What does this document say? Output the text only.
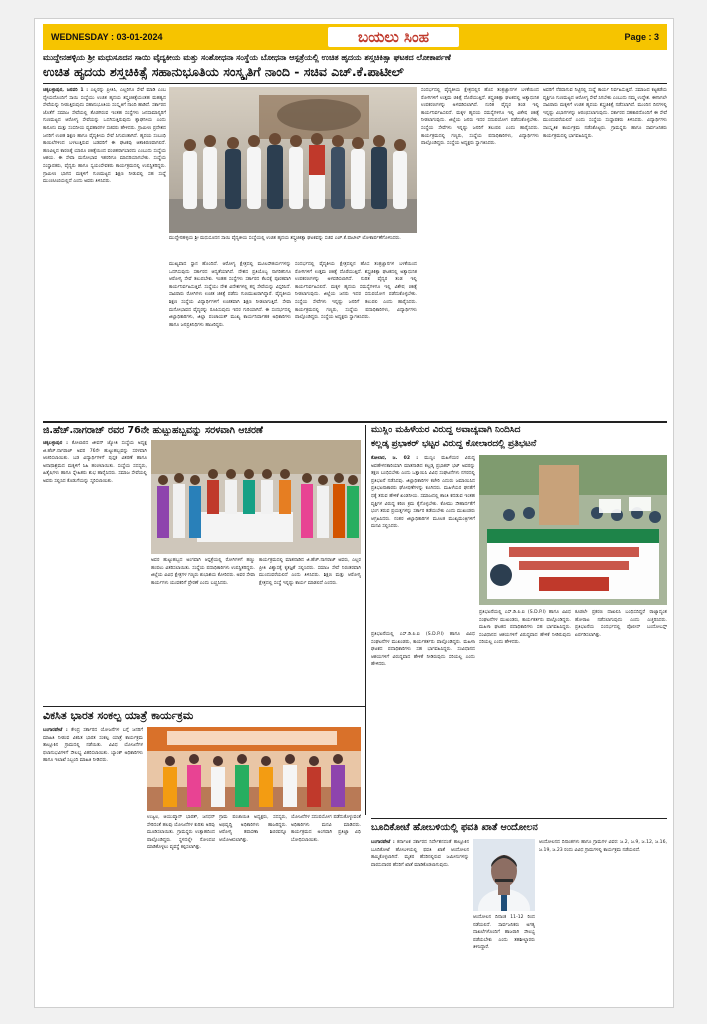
WEDNESDAY : 03-01-2024	ಬಯಲು ಸಿಂಹ	Page : 3
ಮುದ್ದೇನಹಳ್ಳಿಯ ಶ್ರೀ ಮಧುಸೂದನ ಸಾಯಿ ವೈದ್ಯಕೀಯ ಮತ್ತು ಸಂಶೋಧನಾ ಸಂಸ್ಥೆಯ ಬೋಧನಾ ಆಸ್ಪತ್ರೆಯಲ್ಲಿ ಉಚಿತ ಹೃದಯ ಶಸ್ತ್ರಚಿಕಿತ್ಸಾ ಘಟಕದ ಲೋಕಾರ್ಪಣೆ
ಉಚಿತ ಹೃದಯ ಶಸ್ತ್ರಚಿಕಿತ್ಸೆ ಸಹಾನುಭೂತಿಯ ಸಂಸ್ಕೃತಿಗೆ ನಾಂದಿ - ಸಚಿವ ಎಚ್.ಕೆ.ಪಾಟೀಲ್
ಚಿಕ್ಕಬಳ್ಳಾಪುರ, ಜನವರಿ 1 : ಎಲ್ಲರನ್ನು ಪ್ರೀತಿಸಿ, ಎಲ್ಲರಿಗೂ ಸೇವೆ ಮಾಡಿ ಎಂಬ ಧ್ಯೇಯದೊಂದಿಗೆ ಸಾಯಿ ಸಂಸ್ಥೆಯು ಉಚಿತ ಹೃದಯ ಶಸ್ತ್ರಚಿಕಿತ್ಸೆಯಂತಹ ಮಹತ್ವದ ಸೇವೆಯನ್ನು ನೀಡುತ್ತಿರುವುದು ಸಹಾನುಭೂತಿಯ ಸಂಸ್ಕೃತಿಗೆ ನಾಂದಿ ಹಾಡಿದೆ. ಸರ್ಕಾರದ ಜೊತೆಗೆ ಸಮಾಜ ಸೇವೆಯಲ್ಲಿ ತೊಡಗಿರುವ ಇಂತಹ ಸಂಸ್ಥೆಗಳು ಜನಸಾಮಾನ್ಯರಿಗೆ ಗುಣಮಟ್ಟದ ಆರೋಗ್ಯ ಸೇವೆಯನ್ನು ಒದಗಿಸುತ್ತಿರುವುದು ಶ್ಲಾಘನೀಯ ಎಂದು ಕಾನೂನು ಮತ್ತು ಸಂಸದೀಯ ವ್ಯವಹಾರಗಳ ಸಚಿವರು ಹೇಳಿದರು. ಗ್ರಾಮೀಣ ಪ್ರದೇಶದ ಜನರಿಗೆ ಉಚಿತ ಶಿಕ್ಷಣ ಹಾಗೂ ವೈದ್ಯಕೀಯ ಸೇವೆ ಸಿಗುವಂತಾಗಿದೆ. ಹೃದಯ ಸಂಬಂಧಿ ಕಾಯಿಲೆಗಳಿಂದ ಬಳಲುತ್ತಿರುವ ಬಡವರಿಗೆ ಈ ಘಟಕವು ಆಶಾಕಿರಣವಾಗಲಿದೆ. ಹಣವಿಲ್ಲದ ಕಾರಣಕ್ಕೆ ಯಾರೂ ಚಿಕಿತ್ಸೆಯಿಂದ ವಂಚಿತರಾಗಬಾರದು ಎಂಬುದು ಸಂಸ್ಥೆಯ ಆಶಯ. ಈ ಸೇವಾ ಮನೋಭಾವ ಇತರರಿಗೂ ಮಾದರಿಯಾಗಬೇಕು. ಸಂಸ್ಥೆಯ ಸಂಸ್ಥಾಪಕರು, ವೈದ್ಯರು ಹಾಗೂ ಸ್ವಯಂಸೇವಕರು ಕಾರ್ಯಕ್ರಮದಲ್ಲಿ ಉಪಸ್ಥಿತರಿದ್ದರು. ಗ್ರಾಮೀಣ ಭಾಗದ ಮಕ್ಕಳಿಗೆ ಗುಣಮಟ್ಟದ ಶಿಕ್ಷಣ ನೀಡುವಲ್ಲಿ ಸಹ ಸಂಸ್ಥೆ ಮುಂಚೂಣಿಯಲ್ಲಿದೆ ಎಂದು ಅವರು ತಿಳಿಸಿದರು.
ಮುದ್ದೇನಹಳ್ಳಿಯ ಶ್ರೀ ಮಧುಸೂದನ ಸಾಯಿ ವೈದ್ಯಕೀಯ ಸಂಸ್ಥೆಯಲ್ಲಿ ಉಚಿತ ಹೃದಯ ಶಸ್ತ್ರಚಿಕಿತ್ಸಾ ಘಟಕವನ್ನು ಸಚಿವ ಎಚ್.ಕೆ.ಪಾಟೀಲ್ ಲೋಕಾರ್ಪಣೆಗೊಳಿಸಿದರು.
ಮುಖ್ಯವಾದ ಸ್ಥಾನ ಹೊಂದಿದೆ. ಆರೋಗ್ಯ ಕ್ಷೇತ್ರದಲ್ಲಿ ಮೂಲಸೌಕರ್ಯಗಳನ್ನು ಒದಗಿಸುವುದು ಸರ್ಕಾರದ ಆದ್ಯತೆಯಾಗಿದೆ. ದೇಶದ ಪ್ರತಿಯೊಬ್ಬ ನಾಗರಿಕನಿಗೂ ಆರೋಗ್ಯ ಸೇವೆ ತಲುಪಬೇಕು. ಇಂತಹ ಸಂಸ್ಥೆಗಳು ಸರ್ಕಾರದ ಕೆಲಸಕ್ಕೆ ಪೂರಕವಾಗಿ ಕಾರ್ಯನಿರ್ವಹಿಸುತ್ತಿವೆ. ಸಂಸ್ಥೆಯು ದೇಶ ವಿದೇಶಗಳಲ್ಲಿ ತನ್ನ ಸೇವೆಯನ್ನು ವಿಸ್ತರಿಸಿದೆ. ಸಾವಿರಾರು ರೋಗಿಗಳು ಉಚಿತ ಚಿಕಿತ್ಸೆ ಪಡೆದು ಗುಣಮುಖರಾಗಿದ್ದಾರೆ. ವೈದ್ಯಕೀಯ ಶಿಕ್ಷಣ ಸಂಸ್ಥೆಯ ವಿದ್ಯಾರ್ಥಿಗಳಿಗೆ ಉಚಿತವಾಗಿ ಶಿಕ್ಷಣ ನೀಡಲಾಗುತ್ತಿದೆ. ಸೇವಾ ಮನೋಭಾವದ ವೈದ್ಯರನ್ನು ರೂಪಿಸುವುದು ಇದರ ಗುರಿಯಾಗಿದೆ. ಈ ಸಂದರ್ಭದಲ್ಲಿ ಜಿಲ್ಲಾಧಿಕಾರಿಗಳು, ಜಿಲ್ಲಾ ಪಂಚಾಯತ್ ಮುಖ್ಯ ಕಾರ್ಯನಿರ್ವಾಹಕ ಅಧಿಕಾರಿಗಳು ಹಾಗೂ ಜನಪ್ರತಿನಿಧಿಗಳು ಹಾಜರಿದ್ದರು.
ಸಂದರ್ಭದಲ್ಲಿ ವೈದ್ಯಕೀಯ ಕ್ಷೇತ್ರದಲ್ಲಿನ ಹೊಸ ತಂತ್ರಜ್ಞಾನಗಳ ಬಳಕೆಯಿಂದ ರೋಗಿಗಳಿಗೆ ಉತ್ತಮ ಚಿಕಿತ್ಸೆ ದೊರೆಯುತ್ತಿದೆ. ಶಸ್ತ್ರಚಿಕಿತ್ಸಾ ಘಟಕದಲ್ಲಿ ಅತ್ಯಾಧುನಿಕ ಉಪಕರಣಗಳನ್ನು ಅಳವಡಿಸಲಾಗಿದೆ. ನುರಿತ ವೈದ್ಯರ ತಂಡ ಇಲ್ಲಿ ಕಾರ್ಯನಿರ್ವಹಿಸಲಿದೆ. ಮಕ್ಕಳ ಹೃದಯ ಸಮಸ್ಯೆಗಳಿಗೂ ಇಲ್ಲಿ ವಿಶೇಷ ಚಿಕಿತ್ಸೆ ನೀಡಲಾಗುವುದು. ಜಿಲ್ಲೆಯ ಜನರು ಇದರ ಸದುಪಯೋಗ ಪಡೆದುಕೊಳ್ಳಬೇಕು. ಸಂಸ್ಥೆಯ ಸೇವೆಗಳು ಇನ್ನಷ್ಟು ಜನರಿಗೆ ತಲುಪಲಿ ಎಂದು ಹಾರೈಸಿದರು. ಕಾರ್ಯಕ್ರಮದಲ್ಲಿ ಗಣ್ಯರು, ಸಂಸ್ಥೆಯ ಪದಾಧಿಕಾರಿಗಳು, ವಿದ್ಯಾರ್ಥಿಗಳು ಪಾಲ್ಗೊಂಡಿದ್ದರು. ಸಂಸ್ಥೆಯ ಅಧ್ಯಕ್ಷರು ಸ್ವಾಗತಿಸಿದರು.
ಸಂದರ್ಭದಲ್ಲಿ ವೈದ್ಯಕೀಯ ಕ್ಷೇತ್ರದಲ್ಲಿನ ಹೊಸ ತಂತ್ರಜ್ಞಾನಗಳ ಬಳಕೆಯಿಂದ ರೋಗಿಗಳಿಗೆ ಉತ್ತಮ ಚಿಕಿತ್ಸೆ ದೊರೆಯುತ್ತಿದೆ. ಶಸ್ತ್ರಚಿಕಿತ್ಸಾ ಘಟಕದಲ್ಲಿ ಅತ್ಯಾಧುನಿಕ ಉಪಕರಣಗಳನ್ನು ಅಳವಡಿಸಲಾಗಿದೆ. ನುರಿತ ವೈದ್ಯರ ತಂಡ ಇಲ್ಲಿ ಕಾರ್ಯನಿರ್ವಹಿಸಲಿದೆ. ಮಕ್ಕಳ ಹೃದಯ ಸಮಸ್ಯೆಗಳಿಗೂ ಇಲ್ಲಿ ವಿಶೇಷ ಚಿಕಿತ್ಸೆ ನೀಡಲಾಗುವುದು. ಜಿಲ್ಲೆಯ ಜನರು ಇದರ ಸದುಪಯೋಗ ಪಡೆದುಕೊಳ್ಳಬೇಕು. ಸಂಸ್ಥೆಯ ಸೇವೆಗಳು ಇನ್ನಷ್ಟು ಜನರಿಗೆ ತಲುಪಲಿ ಎಂದು ಹಾರೈಸಿದರು. ಕಾರ್ಯಕ್ರಮದಲ್ಲಿ ಗಣ್ಯರು, ಸಂಸ್ಥೆಯ ಪದಾಧಿಕಾರಿಗಳು, ವಿದ್ಯಾರ್ಥಿಗಳು ಪಾಲ್ಗೊಂಡಿದ್ದರು. ಸಂಸ್ಥೆಯ ಅಧ್ಯಕ್ಷರು ಸ್ವಾಗತಿಸಿದರು.
ಅವರಿಗೆ ನೆರವಾಗುವ ನಿಟ್ಟಿನಲ್ಲಿ ಸಂಸ್ಥೆ ಕಾರ್ಯ ನಿರ್ವಹಿಸುತ್ತಿದೆ. ಸಮಾಜದ ಕಟ್ಟಕಡೆಯ ವ್ಯಕ್ತಿಗೂ ಗುಣಮಟ್ಟದ ಆರೋಗ್ಯ ಸೇವೆ ಸಿಗಬೇಕು ಎಂಬುದು ನಮ್ಮ ಉದ್ದೇಶ. ಈಗಾಗಲೇ ಸಾವಿರಾರು ಮಕ್ಕಳಿಗೆ ಉಚಿತ ಹೃದಯ ಶಸ್ತ್ರಚಿಕಿತ್ಸೆ ನಡೆಸಲಾಗಿದೆ. ಮುಂದಿನ ದಿನಗಳಲ್ಲಿ ಇನ್ನಷ್ಟು ವಿಭಾಗಗಳನ್ನು ಆರಂಭಿಸಲಾಗುವುದು. ಸರ್ಕಾರದ ಸಹಕಾರದೊಂದಿಗೆ ಈ ಸೇವೆ ಮುಂದುವರೆಯಲಿದೆ ಎಂದು ಸಂಸ್ಥೆಯ ಸಂಸ್ಥಾಪಕರು ತಿಳಿಸಿದರು. ವಿದ್ಯಾರ್ಥಿಗಳು ಸಾಂಸ್ಕೃತಿಕ ಕಾರ್ಯಕ್ರಮ ನಡೆಸಿಕೊಟ್ಟರು. ಗ್ರಾಮಸ್ಥರು ಹಾಗೂ ಸಾರ್ವಜನಿಕರು ಕಾರ್ಯಕ್ರಮದಲ್ಲಿ ಭಾಗವಹಿಸಿದ್ದರು.
ಜಿ.ಹೆಚ್.ನಾಗರಾಜ್ ರವರ 76ನೇ ಹುಟ್ಟುಹಬ್ಬವನ್ನು ಸರಳವಾಗಿ ಆಚರಣೆ
ಚಿಕ್ಕಬಳ್ಳಾಪುರ : ಕೋಲಾರದ ಜೀವನ್ ಜ್ಯೋತಿ ಸಂಸ್ಥೆಯ ಅಧ್ಯಕ್ಷ ಜಿ.ಹೆಚ್.ನಾಗರಾಜ್ ಅವರ 76ನೇ ಹುಟ್ಟುಹಬ್ಬವನ್ನು ಸರಳವಾಗಿ ಆಚರಿಸಲಾಯಿತು. ಬಡ ವಿದ್ಯಾರ್ಥಿಗಳಿಗೆ ಪುಸ್ತಕ ವಿತರಣೆ ಹಾಗೂ ಅನಾಥಾಶ್ರಮದ ಮಕ್ಕಳಿಗೆ ಸಿಹಿ ಹಂಚಲಾಯಿತು. ಸಂಸ್ಥೆಯ ಸದಸ್ಯರು, ಹಿತೈಷಿಗಳು ಹಾಗೂ ಸ್ನೇಹಿತರು ಶುಭ ಹಾರೈಸಿದರು. ಸಮಾಜ ಸೇವೆಯಲ್ಲಿ ಅವರು ಸಲ್ಲಿಸಿದ ಕೊಡುಗೆಯನ್ನು ಸ್ಮರಿಸಲಾಯಿತು.
ಅವರ ಹುಟ್ಟುಹಬ್ಬದ ಅಂಗವಾಗಿ ಆಸ್ಪತ್ರೆಯಲ್ಲಿ ರೋಗಿಗಳಿಗೆ ಹಣ್ಣು ಹಂಪಲು ವಿತರಿಸಲಾಯಿತು. ಸಂಸ್ಥೆಯ ಪದಾಧಿಕಾರಿಗಳು ಉಪಸ್ಥಿತರಿದ್ದರು. ಜಿಲ್ಲೆಯ ವಿವಿಧ ಕ್ಷೇತ್ರಗಳ ಗಣ್ಯರು ಶುಭಾಶಯ ಕೋರಿದರು. ಅವರ ಸೇವಾ ಕಾರ್ಯಗಳು ಯುವಕರಿಗೆ ಪ್ರೇರಣೆ ಎಂದು ಬಣ್ಣಿಸಿದರು.
ಕಾರ್ಯಕ್ರಮದಲ್ಲಿ ಮಾತನಾಡಿದ ಜಿ.ಹೆಚ್.ನಾಗರಾಜ್ ಅವರು, ಎಲ್ಲರ ಪ್ರೀತಿ ವಿಶ್ವಾಸಕ್ಕೆ ಕೃತಜ್ಞತೆ ಸಲ್ಲಿಸಿದರು. ಸಮಾಜ ಸೇವೆ ನಿರಂತರವಾಗಿ ಮುಂದುವರೆಯಲಿದೆ ಎಂದು ತಿಳಿಸಿದರು. ಶಿಕ್ಷಣ ಮತ್ತು ಆರೋಗ್ಯ ಕ್ಷೇತ್ರದಲ್ಲಿ ಸಂಸ್ಥೆ ಇನ್ನಷ್ಟು ಕಾರ್ಯ ಮಾಡಲಿದೆ ಎಂದರು.
ಮುಸ್ಲಿಂ ಮಹಿಳೆಯರ ವಿರುದ್ಧ ಅವಾಚ್ಯವಾಗಿ ನಿಂದಿಸಿದ
ಕಲ್ಲಡ್ಕ ಪ್ರಭಾಕರ್ ಭಟ್ಟರ ವಿರುದ್ಧ ಕೋಲಾರದಲ್ಲಿ ಪ್ರತಿಭಟನೆ
ಕೋಲಾರ, ಜ. 02 : ಮುಸ್ಲಿಂ ಮಹಿಳೆಯರ ವಿರುದ್ಧ ಅವಹೇಳನಕಾರಿಯಾಗಿ ಮಾತನಾಡಿದ ಕಲ್ಲಡ್ಕ ಪ್ರಭಾಕರ್ ಭಟ್ ಅವರನ್ನು ತಕ್ಷಣ ಬಂಧಿಸಬೇಕು ಎಂದು ಒತ್ತಾಯಿಸಿ ವಿವಿಧ ಸಂಘಟನೆಗಳು ನಗರದಲ್ಲಿ ಪ್ರತಿಭಟನೆ ನಡೆಸಿದವು. ಜಿಲ್ಲಾಧಿಕಾರಿಗಳ ಕಚೇರಿ ಎದುರು ಜಮಾಯಿಸಿದ ಪ್ರತಿಭಟನಾಕಾರರು ಘೋಷಣೆಗಳನ್ನು ಕೂಗಿದರು. ಮಹಿಳೆಯರ ಘನತೆಗೆ ಧಕ್ಕೆ ತರುವ ಹೇಳಿಕೆ ಖಂಡನೀಯ. ಸಮಾಜದಲ್ಲಿ ಶಾಂತಿ ಕದಡುವ ಇಂತಹ ವ್ಯಕ್ತಿಗಳ ವಿರುದ್ಧ ಕಠಿಣ ಕ್ರಮ ಕೈಗೊಳ್ಳಬೇಕು. ಕೋಮು ಸೌಹಾರ್ದತೆಗೆ ಭಂಗ ತರುವ ಪ್ರಯತ್ನಗಳನ್ನು ಸರ್ಕಾರ ತಡೆಯಬೇಕು ಎಂದು ಮುಖಂಡರು ಆಗ್ರಹಿಸಿದರು. ನಂತರ ಜಿಲ್ಲಾಧಿಕಾರಿಗಳ ಮೂಲಕ ಮುಖ್ಯಮಂತ್ರಿಗಳಿಗೆ ಮನವಿ ಸಲ್ಲಿಸಿದರು.
ಪ್ರತಿಭಟನೆಯಲ್ಲಿ ಎಸ್.ಡಿ.ಪಿ.ಐ (S.D.P.I) ಹಾಗೂ ವಿವಿಧ ಸಂಘಟನೆಗಳ ಮುಖಂಡರು, ಕಾರ್ಯಕರ್ತರು ಪಾಲ್ಗೊಂಡಿದ್ದರು. ಮಹಿಳಾ ಘಟಕದ ಪದಾಧಿಕಾರಿಗಳು ಸಹ ಭಾಗವಹಿಸಿದ್ದರು. ಸಂವಿಧಾನದ ಆಶಯಗಳಿಗೆ ವಿರುದ್ಧವಾದ ಹೇಳಿಕೆ ನೀಡಿರುವುದು ಸರಿಯಲ್ಲ ಎಂದು ಹೇಳಿದರು.
ಕೂಡಲೇ ಪ್ರಕರಣ ದಾಖಲಿಸಿ ಬಂಧಿಸದಿದ್ದರೆ ರಾಜ್ಯಾದ್ಯಂತ ಹೋರಾಟ ನಡೆಸಲಾಗುವುದು ಎಂದು ಎಚ್ಚರಿಸಿದರು. ಪ್ರತಿಭಟನೆಯ ಸಂದರ್ಭದಲ್ಲಿ ಪೊಲೀಸ್ ಬಂದೋಬಸ್ತ್ ಏರ್ಪಡಿಸಲಾಗಿತ್ತು.
ಪ್ರತಿಭಟನೆಯಲ್ಲಿ ಎಸ್.ಡಿ.ಪಿ.ಐ (S.D.P.I) ಹಾಗೂ ವಿವಿಧ ಸಂಘಟನೆಗಳ ಮುಖಂಡರು, ಕಾರ್ಯಕರ್ತರು ಪಾಲ್ಗೊಂಡಿದ್ದರು. ಮಹಿಳಾ ಘಟಕದ ಪದಾಧಿಕಾರಿಗಳು ಸಹ ಭಾಗವಹಿಸಿದ್ದರು. ಸಂವಿಧಾನದ ಆಶಯಗಳಿಗೆ ವಿರುದ್ಧವಾದ ಹೇಳಿಕೆ ನೀಡಿರುವುದು ಸರಿಯಲ್ಲ ಎಂದು ಹೇಳಿದರು.
ವಿಕಸಿತ ಭಾರತ ಸಂಕಲ್ಪ ಯಾತ್ರೆ ಕಾರ್ಯಕ್ರಮ
ಬಂಗಾರಪೇಟೆ : ಕೇಂದ್ರ ಸರ್ಕಾರದ ಯೋಜನೆಗಳ ಬಗ್ಗೆ ಜನರಿಗೆ ಮಾಹಿತಿ ನೀಡುವ ವಿಕಸಿತ ಭಾರತ ಸಂಕಲ್ಪ ಯಾತ್ರೆ ಕಾರ್ಯಕ್ರಮ ತಾಲ್ಲೂಕಿನ ಗ್ರಾಮದಲ್ಲಿ ನಡೆಯಿತು. ವಿವಿಧ ಯೋಜನೆಗಳ ಫಲಾನುಭವಿಗಳಿಗೆ ಸೌಲಭ್ಯ ವಿತರಿಸಲಾಯಿತು. ಬ್ಯಾಂಕ್ ಅಧಿಕಾರಿಗಳು ಹಾಗೂ ಇಲಾಖೆ ಸಿಬ್ಬಂದಿ ಮಾಹಿತಿ ನೀಡಿದರು.
ಉಜ್ವಲ, ಆಯುಷ್ಮಾನ್ ಭಾರತ್, ಜನಧನ್ ಸೇರಿದಂತೆ ಹಲವು ಯೋಜನೆಗಳ ಕುರಿತು ಅರಿವು ಮೂಡಿಸಲಾಯಿತು. ಗ್ರಾಮಸ್ಥರು ಉತ್ಸಾಹದಿಂದ ಪಾಲ್ಗೊಂಡಿದ್ದರು. ಸ್ಥಳದಲ್ಲೇ ನೋಂದಣಿ ಮಾಡಿಕೊಳ್ಳಲು ವ್ಯವಸ್ಥೆ ಕಲ್ಪಿಸಲಾಗಿತ್ತು.
ಗ್ರಾಮ ಪಂಚಾಯಿತಿ ಅಧ್ಯಕ್ಷರು, ಸದಸ್ಯರು, ಅಭಿವೃದ್ಧಿ ಅಧಿಕಾರಿಗಳು ಹಾಜರಿದ್ದರು. ಆರೋಗ್ಯ ತಪಾಸಣಾ ಶಿಬಿರವನ್ನೂ ಆಯೋಜಿಸಲಾಗಿತ್ತು.
ಯೋಜನೆಗಳ ಸದುಪಯೋಗ ಪಡೆದುಕೊಳ್ಳುವಂತೆ ಅಧಿಕಾರಿಗಳು ಮನವಿ ಮಾಡಿದರು. ಕಾರ್ಯಕ್ರಮದ ಅಂಗವಾಗಿ ಪ್ರತಿಜ್ಞಾ ವಿಧಿ ಬೋಧಿಸಲಾಯಿತು.
ಬೂದಿಕೋಟೆ ಹೋಬಳಿಯಲ್ಲಿ ಫವತಿ ಖಾತೆ ಆಂದೋಲನ
ಬಂಗಾರಪೇಟೆ : ಕರ್ನಾಟಕ ಸರ್ಕಾರದ ನಿರ್ದೇಶನದಂತೆ ತಾಲ್ಲೂಕಿನ ಬೂದಿಕೋಟೆ ಹೋಬಳಿಯಲ್ಲಿ ಫವತಿ ಖಾತೆ ಆಂದೋಲನ ಹಮ್ಮಿಕೊಳ್ಳಲಾಗಿದೆ. ಮೃತರ ಹೆಸರಿನಲ್ಲಿರುವ ಜಮೀನುಗಳನ್ನು ವಾರಸುದಾರರ ಹೆಸರಿಗೆ ಖಾತೆ ಮಾಡಿಕೊಡಲಾಗುವುದು.
ಆಂದೋಲನ ದಿನಾಂಕ 11-12 ರಿಂದ ನಡೆಯಲಿದೆ. ಸಾರ್ವಜನಿಕರು ಅಗತ್ಯ ದಾಖಲೆಗಳೊಂದಿಗೆ ಹಾಜರಾಗಿ ಸೌಲಭ್ಯ ಪಡೆಯಬೇಕು ಎಂದು ತಹಶೀಲ್ದಾರರು ತಿಳಿಸಿದ್ದಾರೆ.
ಆಂದೋಲನದ ದಿನಾಂಕಗಳು ಹಾಗೂ ಗ್ರಾಮಗಳ ವಿವರ: ಜ.2, ಜ.9, ಜ.12, ಜ.16, ಜ.19, ಜ.23 ರಂದು ವಿವಿಧ ಗ್ರಾಮಗಳಲ್ಲಿ ಕಾರ್ಯಕ್ರಮ ನಡೆಯಲಿದೆ.
